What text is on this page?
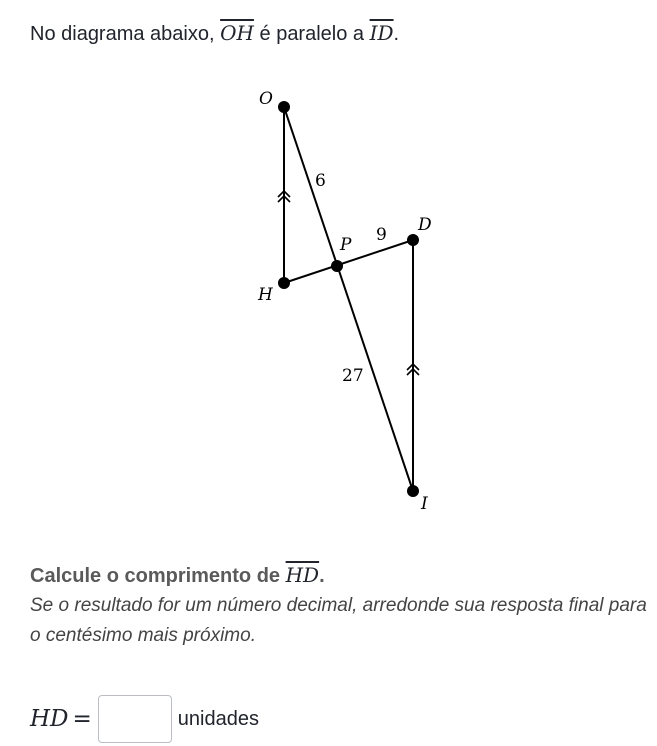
No diagrama abaixo, $\overline{OH}$ é paralelo a $\overline{ID}$.
O
H
P
D
I
6
9
27
Calcule o comprimento de $\overline{HD}$.
Se o resultado for um número decimal, arredonde sua resposta final para o centésimo mais próximo.
HD =	unidades
